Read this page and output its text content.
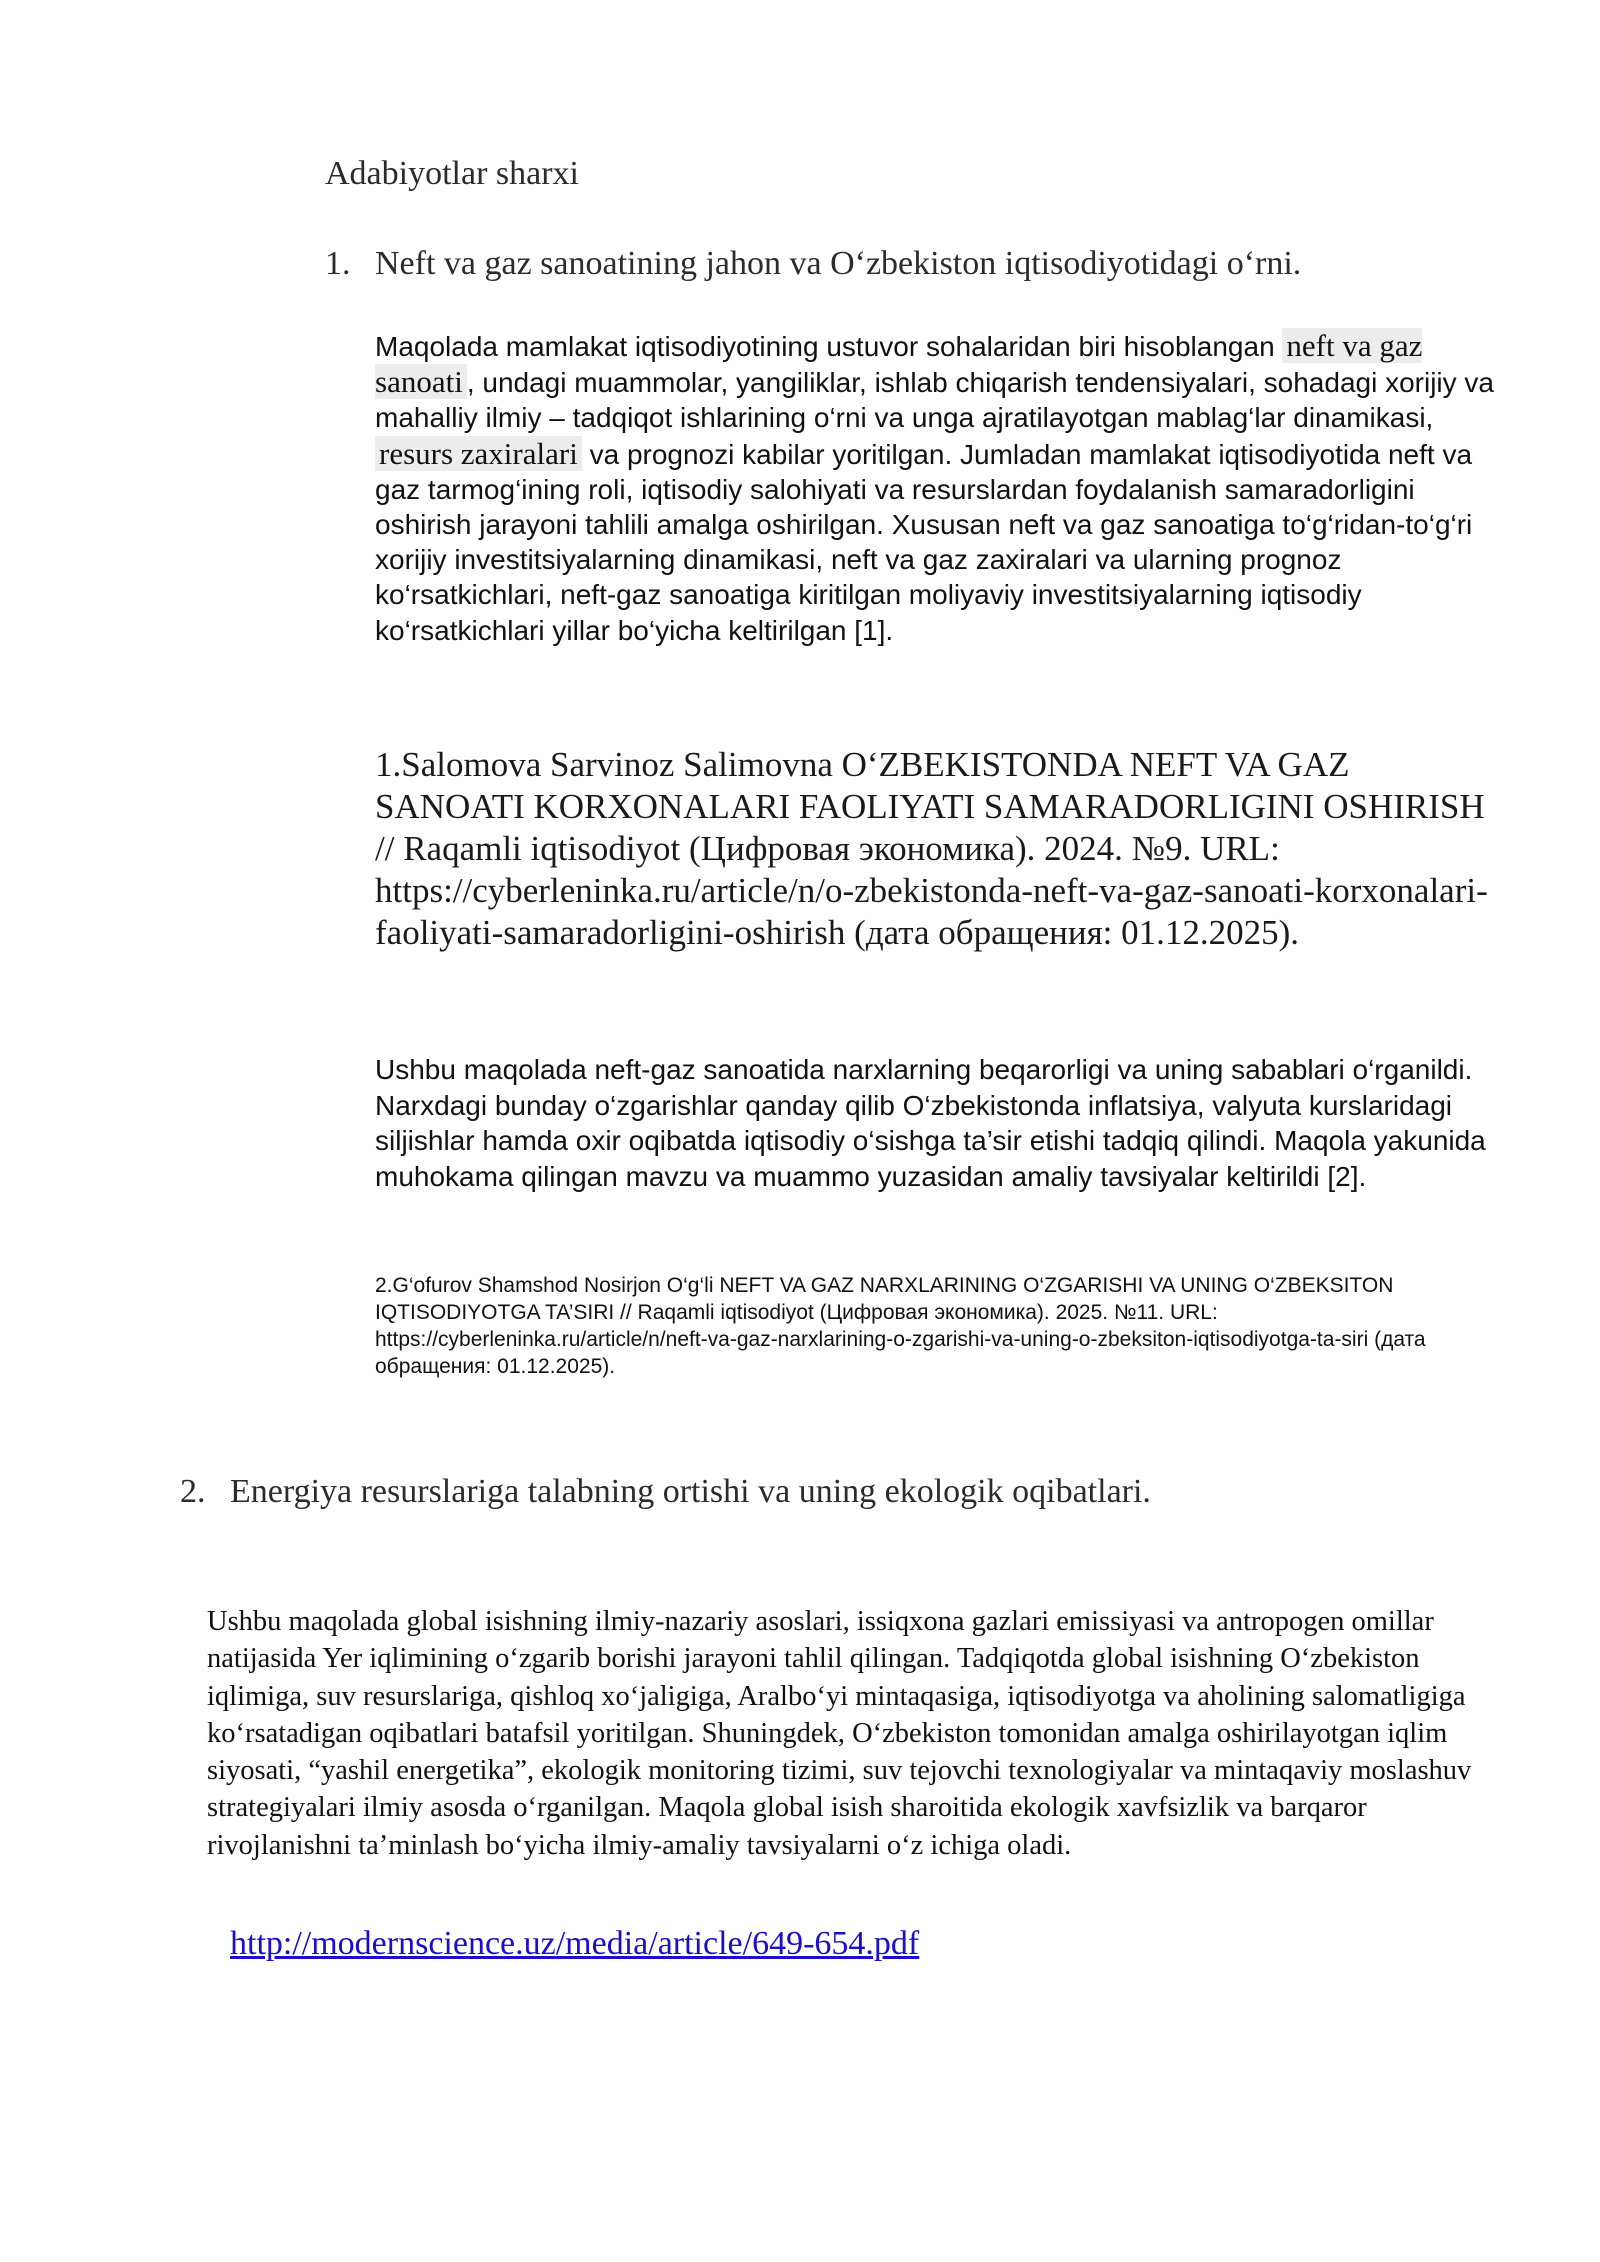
Adabiyotlar sharxi
1. Neft va gaz sanoatining jahon va O‘zbekiston iqtisodiyotidagi o‘rni.

Maqolada mamlakat iqtisodiyotining ustuvor sohalaridan biri hisoblangan neft va gaz sanoati , undagi muammolar, yangiliklar, ishlab chiqarish tendensiyalari, sohadagi xorijiy va mahalliy ilmiy – tadqiqot ishlarining o‘rni va unga ajratilayotgan mablag‘lar dinamikasi, resurs zaxiralari va prognozi kabilar yoritilgan. Jumladan mamlakat iqtisodiyotida neft va gaz tarmog‘ining roli, iqtisodiy salohiyati va resurslardan foydalanish samaradorligini oshirish jarayoni tahlili amalga oshirilgan. Xususan neft va gaz sanoatiga to‘g‘ridan-to‘g‘ri xorijiy investitsiyalarning dinamikasi, neft va gaz zaxiralari va ularning prognoz ko‘rsatkichlari, neft-gaz sanoatiga kiritilgan moliyaviy investitsiyalarning iqtisodiy ko‘rsatkichlari yillar bo‘yicha keltirilgan [1].

1.Salomova Sarvinoz Salimovna O‘ZBEKISTONDA NEFT VA GAZ SANOATI KORXONALARI FAOLIYATI SAMARADORLIGINI OSHIRISH // Raqamli iqtisodiyot (Цифровая экономика). 2024. №9. URL: https://cyberleninka.ru/article/n/o-zbekistonda-neft-va-gaz-sanoati-korxonalari-faoliyati-samaradorligini-oshirish (дата обращения: 01.12.2025).

Ushbu maqolada neft-gaz sanoatida narxlarning beqarorligi va uning sabablari o‘rganildi. Narxdagi bunday o‘zgarishlar qanday qilib O‘zbekistonda inflatsiya, valyuta kurslaridagi siljishlar hamda oxir oqibatda iqtisodiy o‘sishga ta’sir etishi tadqiq qilindi. Maqola yakunida muhokama qilingan mavzu va muammo yuzasidan amaliy tavsiyalar keltirildi [2].

2.G‘ofurov Shamshod Nosirjon O‘g‘li NEFT VA GAZ NARXLARINING O‘ZGARISHI VA UNING O‘ZBEKSITON IQTISODIYOTGA TA’SIRI // Raqamli iqtisodiyot (Цифровая экономика). 2025. №11. URL: https://cyberleninka.ru/article/n/neft-va-gaz-narxlarining-o-zgarishi-va-uning-o-zbeksiton-iqtisodiyotga-ta-siri (дата обращения: 01.12.2025).

2. Energiya resurslariga talabning ortishi va uning ekologik oqibatlari.

Ushbu maqolada global isishning ilmiy-nazariy asoslari, issiqxona gazlari emissiyasi va antropogen omillar natijasida Yer iqlimining o‘zgarib borishi jarayoni tahlil qilingan. Tadqiqotda global isishning O‘zbekiston iqlimiga, suv resurslariga, qishloq xo‘jaligiga, Aralbo‘yi mintaqasiga, iqtisodiyotga va aholining salomatligiga ko‘rsatadigan oqibatlari batafsil yoritilgan. Shuningdek, O‘zbekiston tomonidan amalga oshirilayotgan iqlim siyosati, “yashil energetika”, ekologik monitoring tizimi, suv tejovchi texnologiyalar va mintaqaviy moslashuv strategiyalari ilmiy asosda o‘rganilgan. Maqola global isish sharoitida ekologik xavfsizlik va barqaror rivojlanishni ta’minlash bo‘yicha ilmiy-amaliy tavsiyalarni o‘z ichiga oladi.

http://modernscience.uz/media/article/649-654.pdf
